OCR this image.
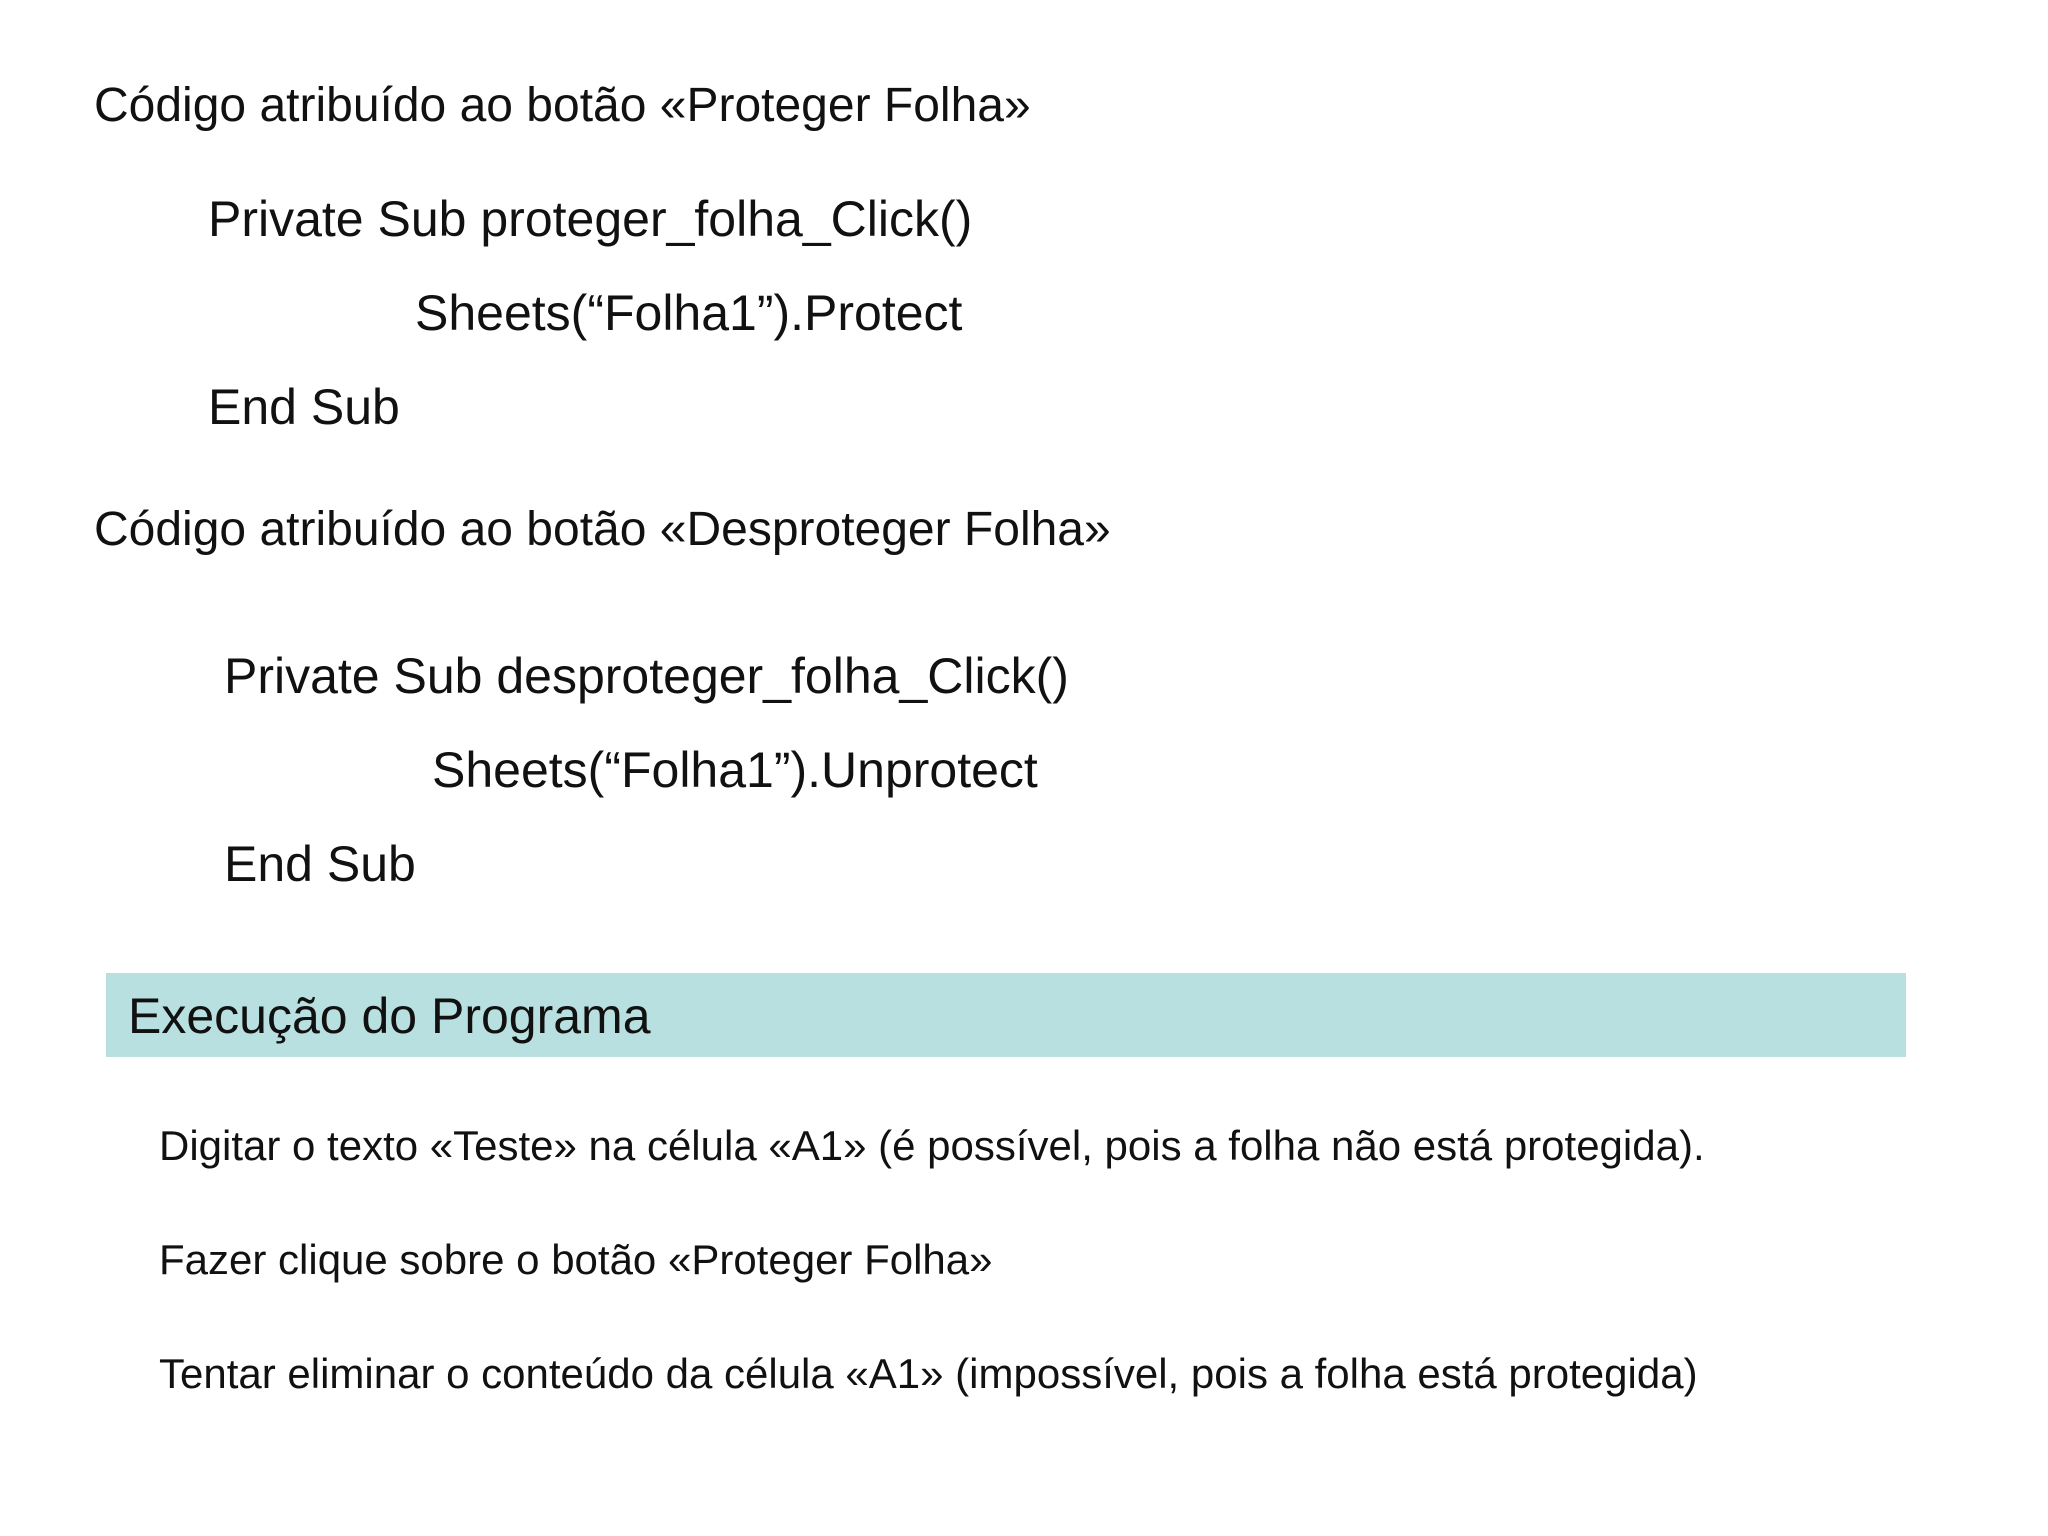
Código atribuído ao botão «Proteger Folha»
Private Sub proteger_folha_Click()
Sheets(“Folha1”).Protect
End Sub
Código atribuído ao botão «Desproteger Folha»
Private Sub desproteger_folha_Click()
Sheets(“Folha1”).Unprotect
End Sub
Execução do Programa
Digitar o texto «Teste» na célula «A1» (é possível, pois a folha não está protegida).
Fazer clique sobre o botão «Proteger Folha»
Tentar eliminar o conteúdo da célula «A1» (impossível, pois a folha está protegida)
